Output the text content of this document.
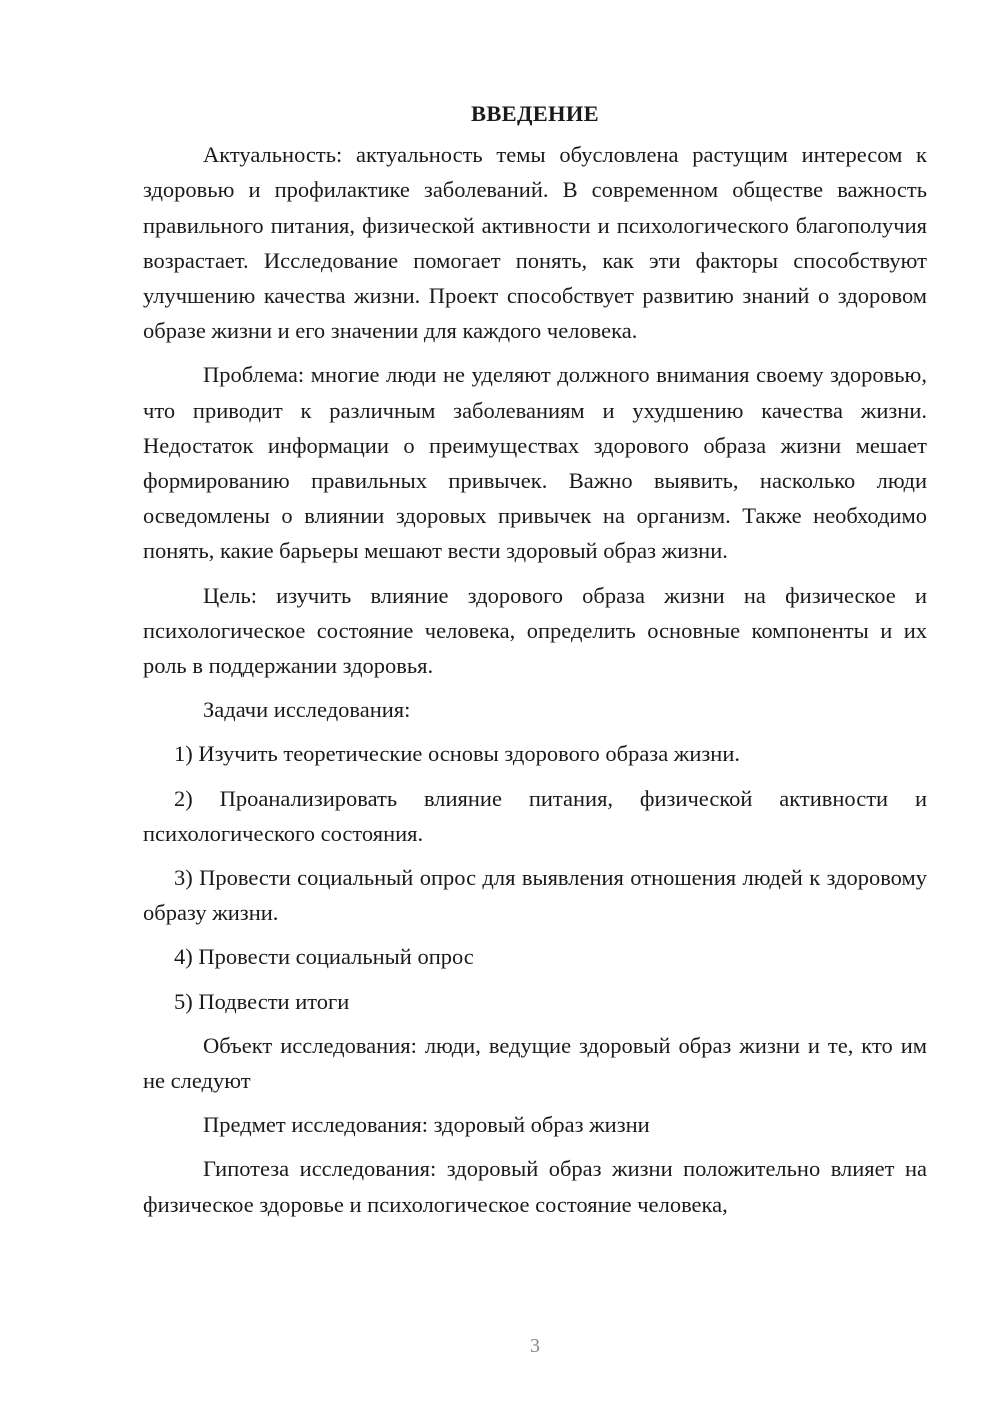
ВВЕДЕНИЕ

Актуальность: актуальность темы обусловлена растущим интересом к здоровью и профилактике заболеваний. В современном обществе важность правильного питания, физической активности и психологического благополучия возрастает. Исследование помогает понять, как эти факторы способствуют улучшению качества жизни. Проект способствует развитию знаний о здоровом образе жизни и его значении для каждого человека.

Проблема: многие люди не уделяют должного внимания своему здоровью, что приводит к различным заболеваниям и ухудшению качества жизни. Недостаток информации о преимуществах здорового образа жизни мешает формированию правильных привычек. Важно выявить, насколько люди осведомлены о влиянии здоровых привычек на организм. Также необходимо понять, какие барьеры мешают вести здоровый образ жизни.

Цель: изучить влияние здорового образа жизни на физическое и психологическое состояние человека, определить основные компоненты и их роль в поддержании здоровья.

Задачи исследования:

1) Изучить теоретические основы здорового образа жизни.

2) Проанализировать влияние питания, физической активности и психологического состояния.

3) Провести социальный опрос для выявления отношения людей к здоровому образу жизни.

4) Провести социальный опрос

5) Подвести итоги

Объект исследования: люди, ведущие здоровый образ жизни и те, кто им не следуют

Предмет исследования: здоровый образ жизни

Гипотеза исследования: здоровый образ жизни положительно влияет на физическое здоровье и психологическое состояние человека,

3
